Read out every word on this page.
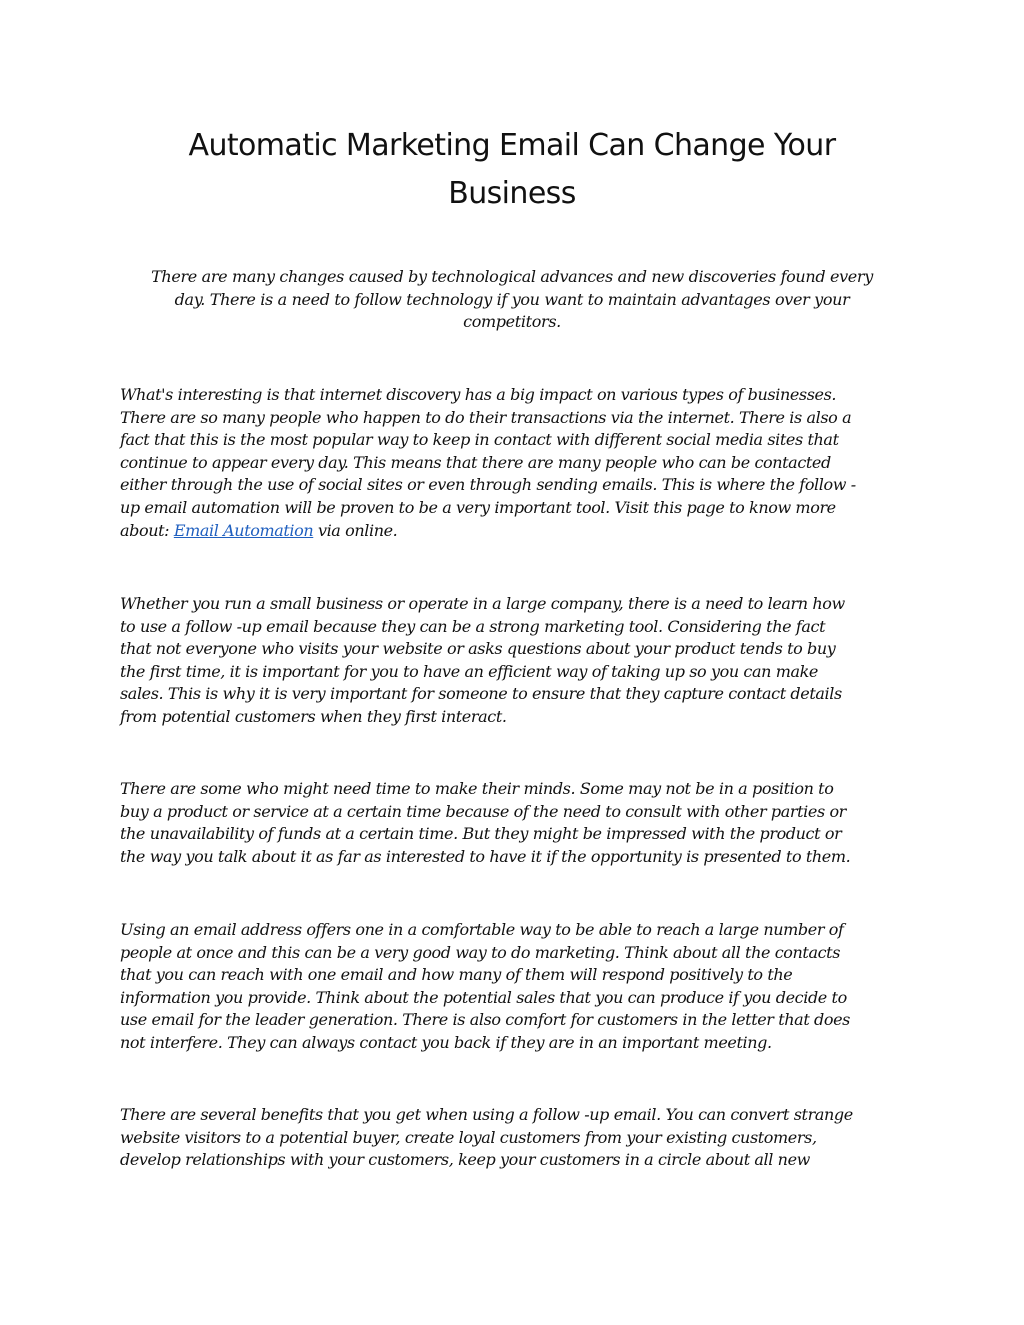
Automatic Marketing Email Can Change Your
Business

There are many changes caused by technological advances and new discoveries found every
day. There is a need to follow technology if you want to maintain advantages over your
competitors.

What's interesting is that internet discovery has a big impact on various types of businesses.
There are so many people who happen to do their transactions via the internet. There is also a
fact that this is the most popular way to keep in contact with different social media sites that
continue to appear every day. This means that there are many people who can be contacted
either through the use of social sites or even through sending emails. This is where the follow -
up email automation will be proven to be a very important tool. Visit this page to know more
about: Email Automation via online.

Whether you run a small business or operate in a large company, there is a need to learn how
to use a follow -up email because they can be a strong marketing tool. Considering the fact
that not everyone who visits your website or asks questions about your product tends to buy
the first time, it is important for you to have an efficient way of taking up so you can make
sales. This is why it is very important for someone to ensure that they capture contact details
from potential customers when they first interact.

There are some who might need time to make their minds. Some may not be in a position to
buy a product or service at a certain time because of the need to consult with other parties or
the unavailability of funds at a certain time. But they might be impressed with the product or
the way you talk about it as far as interested to have it if the opportunity is presented to them.

Using an email address offers one in a comfortable way to be able to reach a large number of
people at once and this can be a very good way to do marketing. Think about all the contacts
that you can reach with one email and how many of them will respond positively to the
information you provide. Think about the potential sales that you can produce if you decide to
use email for the leader generation. There is also comfort for customers in the letter that does
not interfere. They can always contact you back if they are in an important meeting.

There are several benefits that you get when using a follow -up email. You can convert strange
website visitors to a potential buyer, create loyal customers from your existing customers,
develop relationships with your customers, keep your customers in a circle about all new
